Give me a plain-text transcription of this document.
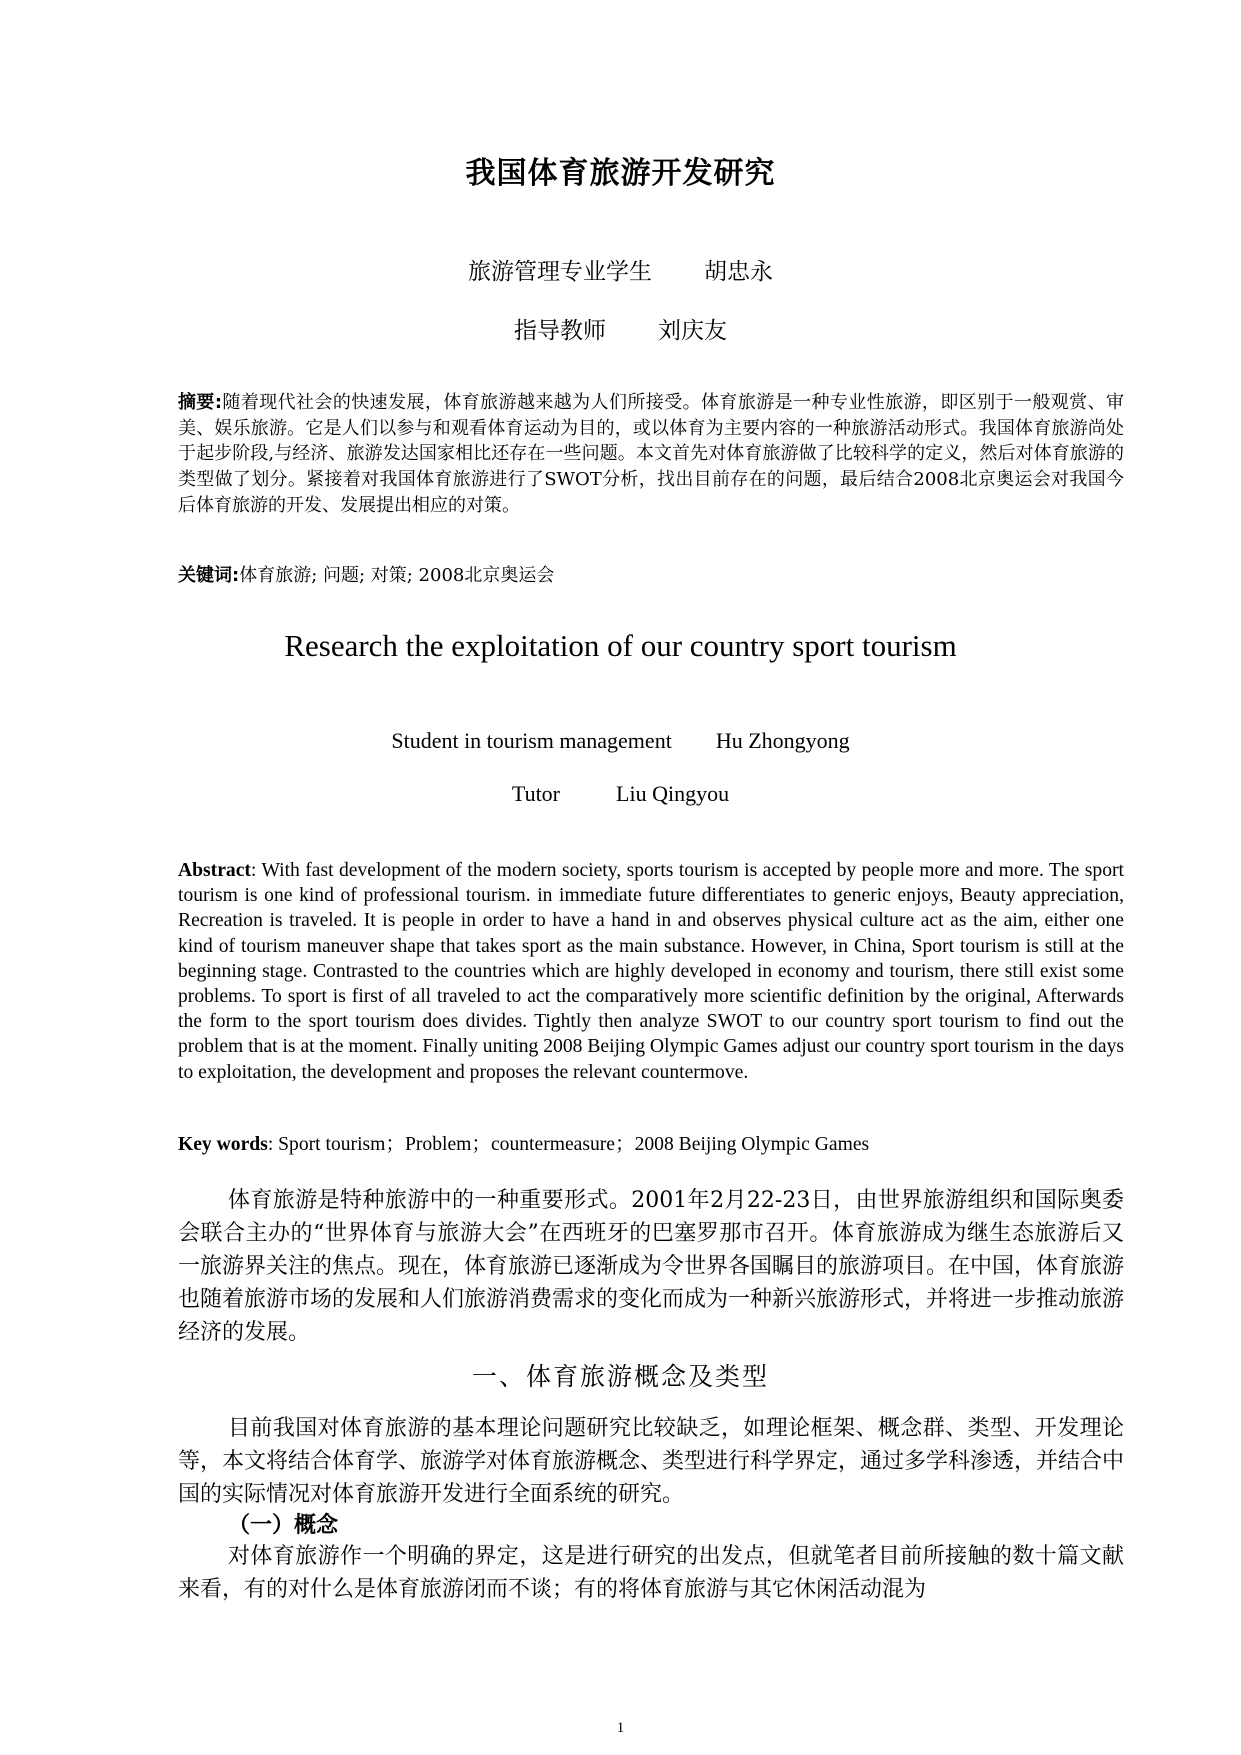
我国体育旅游开发研究
旅游管理专业学生 胡忠永
指导教师 刘庆友
摘要:随着现代社会的快速发展，体育旅游越来越为人们所接受。体育旅游是一种专业性旅游，即区别于一般观赏、审美、娱乐旅游。它是人们以参与和观看体育运动为目的，或以体育为主要内容的一种旅游活动形式。我国体育旅游尚处于起步阶段,与经济、旅游发达国家相比还存在一些问题。本文首先对体育旅游做了比较科学的定义，然后对体育旅游的类型做了划分。紧接着对我国体育旅游进行了SWOT分析，找出目前存在的问题，最后结合2008北京奥运会对我国今后体育旅游的开发、发展提出相应的对策。
关键词:体育旅游; 问题; 对策; 2008北京奥运会
Research the exploitation of our country sport tourism
Student in tourism management Hu Zhongyong
Tutor	Liu Qingyou
Abstract: With fast development of the modern society, sports tourism is accepted by people more and more. The sport tourism is one kind of professional tourism. in immediate future differentiates to generic enjoys, Beauty appreciation, Recreation is traveled. It is people in order to have a hand in and observes physical culture act as the aim, either one kind of tourism maneuver shape that takes sport as the main substance. However, in China, Sport tourism is still at the beginning stage. Contrasted to the countries which are highly developed in economy and tourism, there still exist some problems. To sport is first of all traveled to act the comparatively more scientific definition by the original, Afterwards the form to the sport tourism does divides. Tightly then analyze SWOT to our country sport tourism to find out the problem that is at the moment. Finally uniting 2008 Beijing Olympic Games adjust our country sport tourism in the days to exploitation, the development and proposes the relevant countermove.
Key words: Sport tourism；Problem；countermeasure；2008 Beijing Olympic Games

体育旅游是特种旅游中的一种重要形式。2001年2月22-23日，由世界旅游组织和国际奥委会联合主办的“世界体育与旅游大会”在西班牙的巴塞罗那市召开。体育旅游成为继生态旅游后又一旅游界关注的焦点。现在，体育旅游已逐渐成为令世界各国瞩目的旅游项目。在中国，体育旅游也随着旅游市场的发展和人们旅游消费需求的变化而成为一种新兴旅游形式，并将进一步推动旅游经济的发展。

一、体育旅游概念及类型

目前我国对体育旅游的基本理论问题研究比较缺乏，如理论框架、概念群、类型、开发理论等，本文将结合体育学、旅游学对体育旅游概念、类型进行科学界定，通过多学科渗透，并结合中国的实际情况对体育旅游开发进行全面系统的研究。

（一）概念

对体育旅游作一个明确的界定，这是进行研究的出发点，但就笔者目前所接触的数十篇文献来看，有的对什么是体育旅游闭而不谈；有的将体育旅游与其它休闲活动混为

1
